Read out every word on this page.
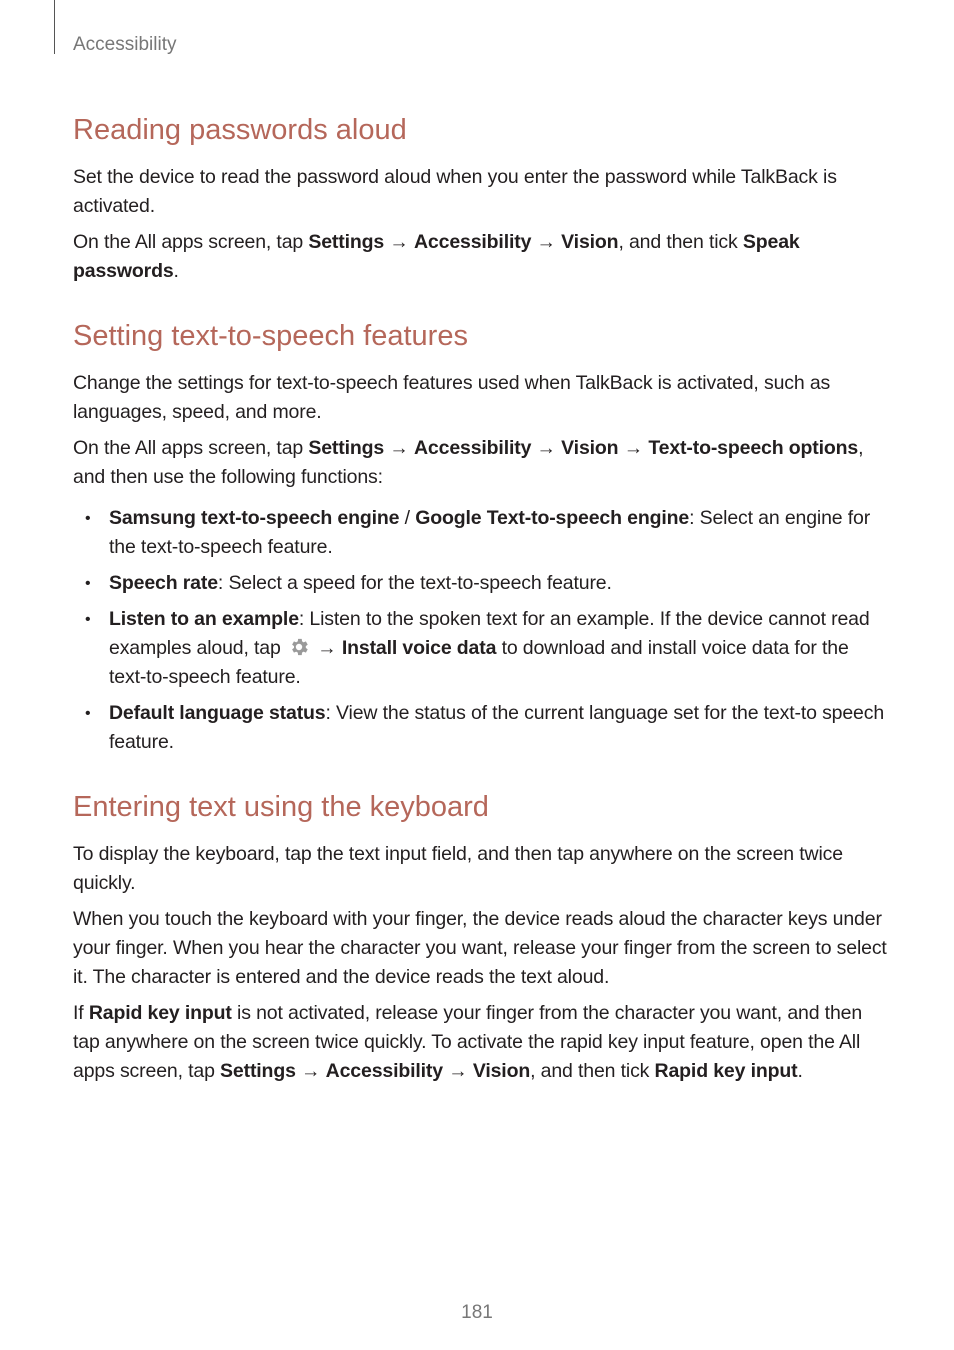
Accessibility
Reading passwords aloud

Set the device to read the password aloud when you enter the password while TalkBack is activated.

On the All apps screen, tap Settings → Accessibility → Vision, and then tick Speak passwords.

Setting text-to-speech features

Change the settings for text-to-speech features used when TalkBack is activated, such as languages, speed, and more.

On the All apps screen, tap Settings → Accessibility → Vision → Text-to-speech options, and then use the following functions:

• Samsung text-to-speech engine / Google Text-to-speech engine: Select an engine for the text-to-speech feature.
• Speech rate: Select a speed for the text-to-speech feature.
• Listen to an example: Listen to the spoken text for an example. If the device cannot read examples aloud, tap  → Install voice data to download and install voice data for the text-to-speech feature.
• Default language status: View the status of the current language set for the text-to speech feature.
Entering text using the keyboard

To display the keyboard, tap the text input field, and then tap anywhere on the screen twice quickly.

When you touch the keyboard with your finger, the device reads aloud the character keys under your finger. When you hear the character you want, release your finger from the screen to select it. The character is entered and the device reads the text aloud.

If Rapid key input is not activated, release your finger from the character you want, and then tap anywhere on the screen twice quickly. To activate the rapid key input feature, open the All apps screen, tap Settings → Accessibility → Vision, and then tick Rapid key input.

181
